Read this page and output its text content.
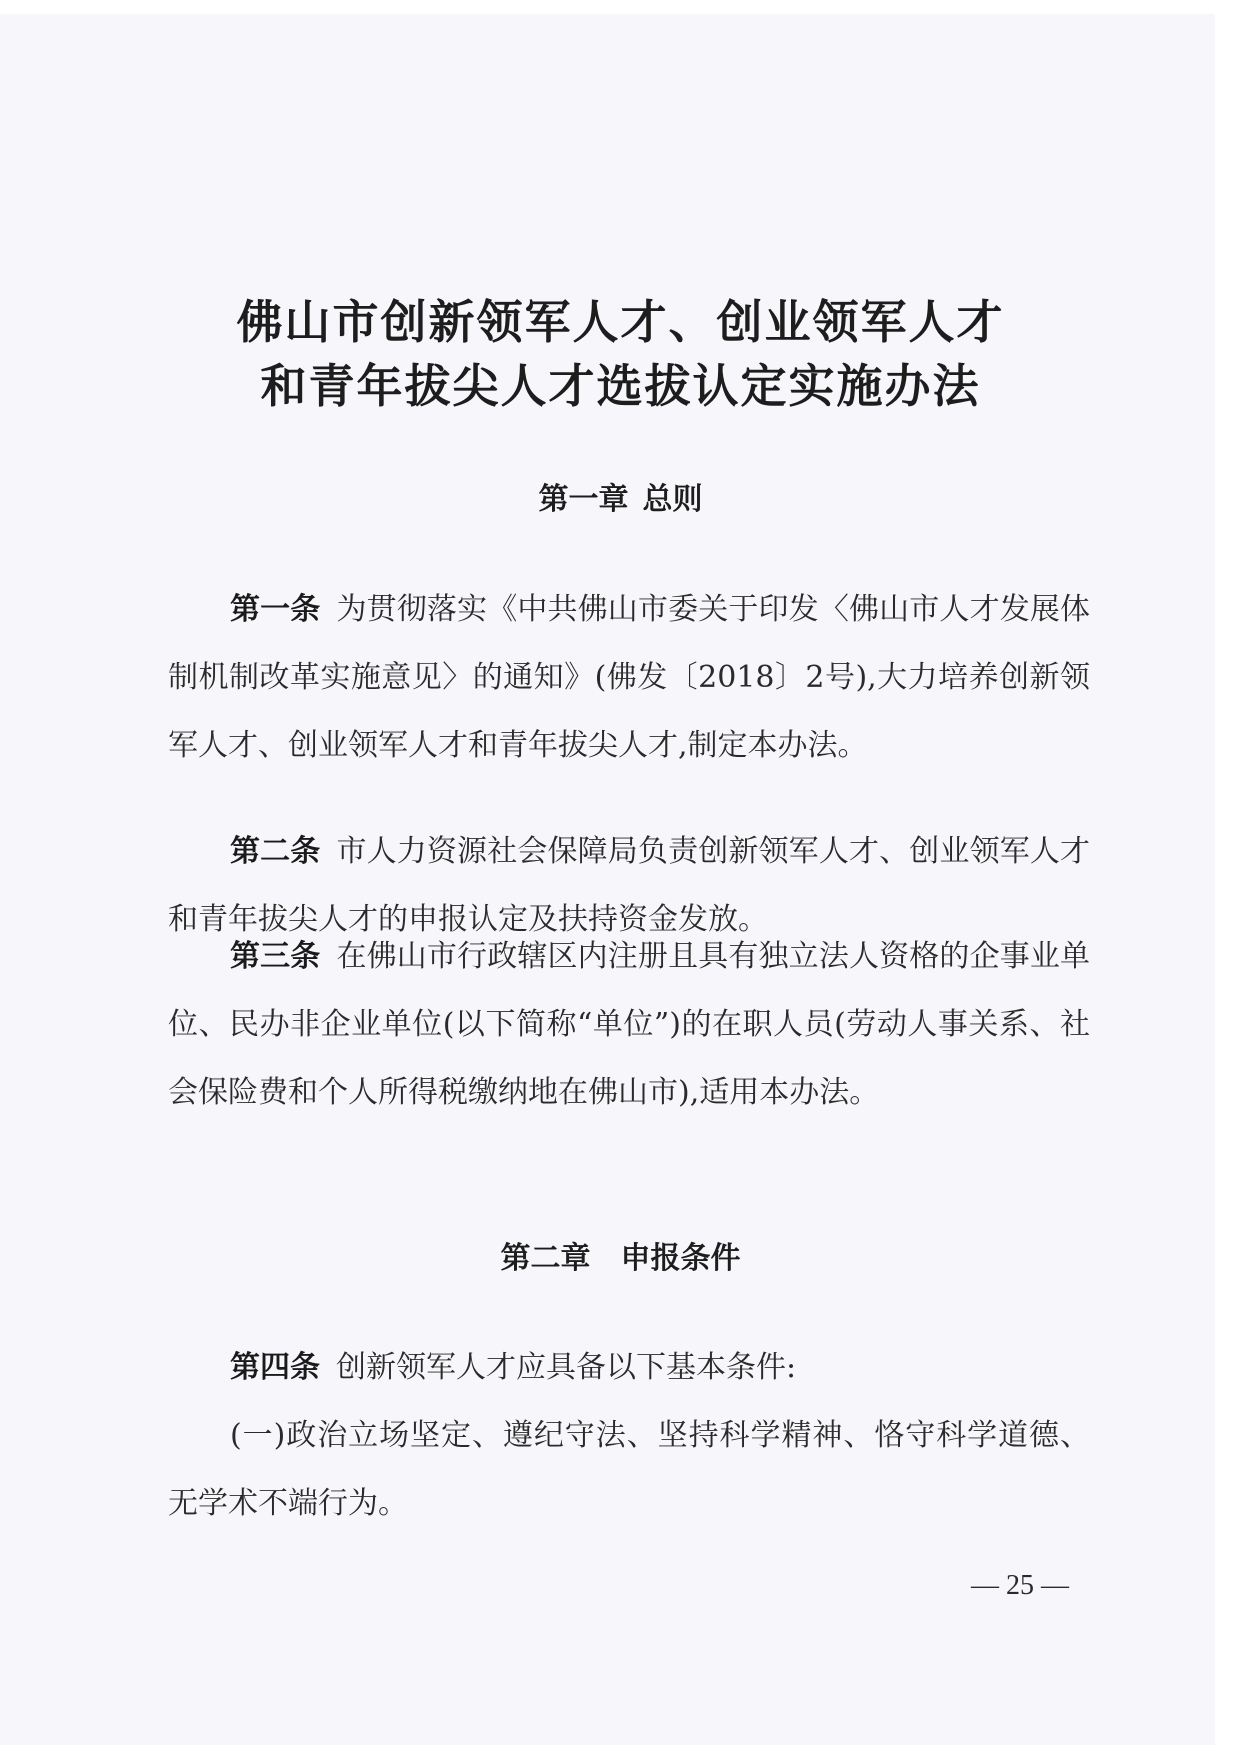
佛山市创新领军人才、创业领军人才
和青年拔尖人才选拔认定实施办法
第一章 总则

第一条 为贯彻落实《中共佛山市委关于印发〈佛山市人才发展体制机制改革实施意见〉的通知》(佛发〔2018〕2号),大力培养创新领军人才、创业领军人才和青年拔尖人才,制定本办法。

第二条 市人力资源社会保障局负责创新领军人才、创业领军人才和青年拔尖人才的申报认定及扶持资金发放。

第三条 在佛山市行政辖区内注册且具有独立法人资格的企事业单位、民办非企业单位(以下简称“单位”)的在职人员(劳动人事关系、社会保险费和个人所得税缴纳地在佛山市),适用本办法。

第二章 申报条件

第四条 创新领军人才应具备以下基本条件:

(一)政治立场坚定、遵纪守法、坚持科学精神、恪守科学道德、无学术不端行为。

— 25 —
